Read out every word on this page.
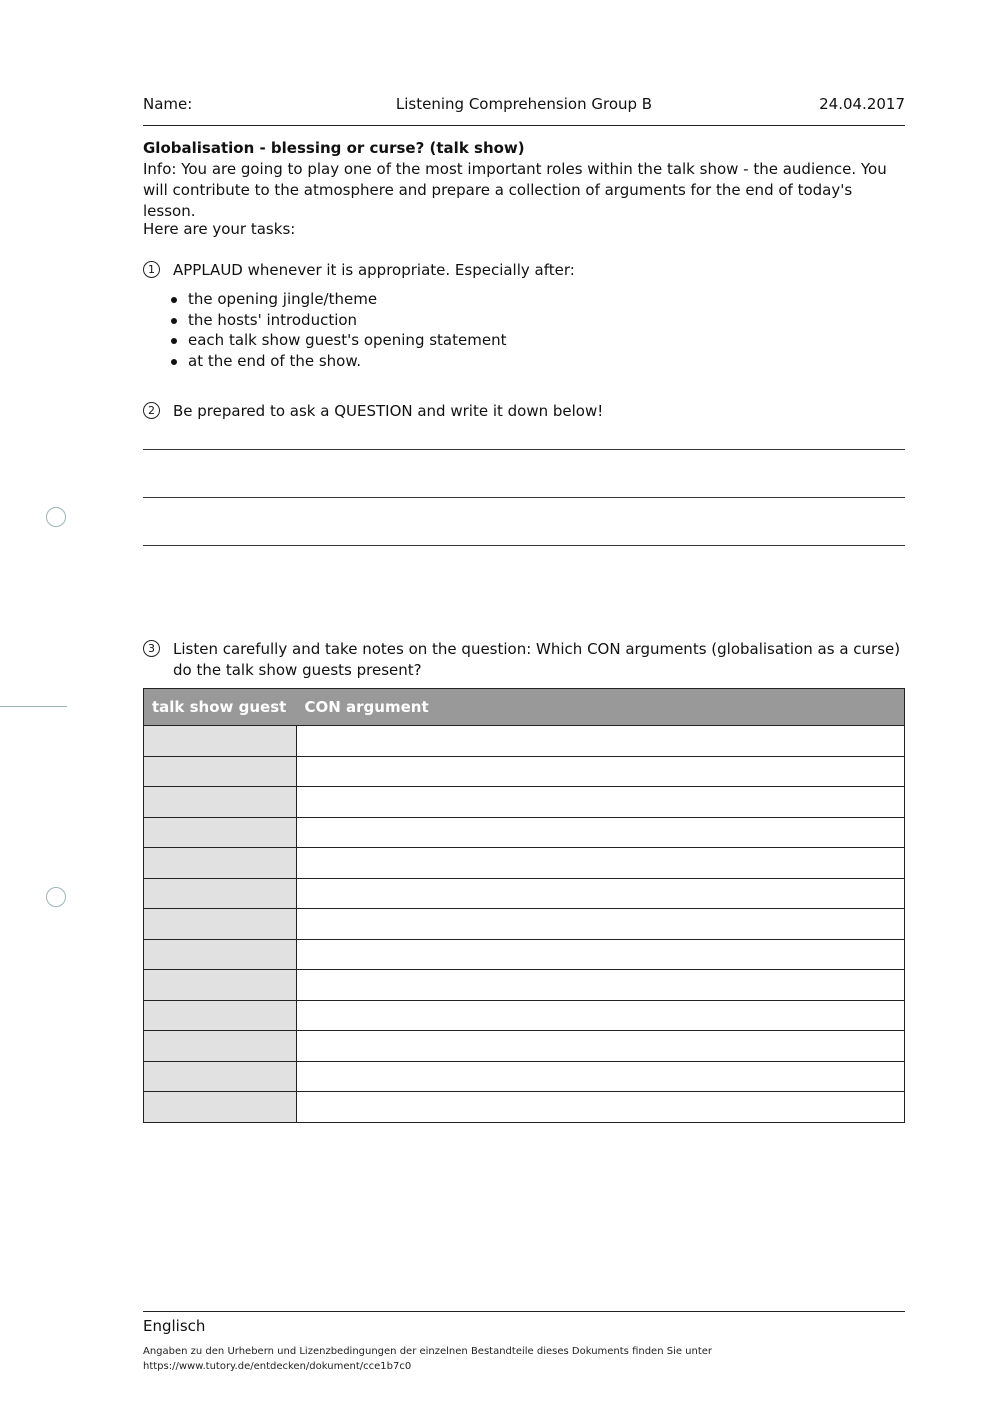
Name:	Listening Comprehension Group B	24.04.2017
Globalisation - blessing or curse? (talk show)
Info: You are going to play one of the most important roles within the talk show - the audience. You will contribute to the atmosphere and prepare a collection of arguments for the end of today's lesson.
Here are your tasks:
1	APPLAUD whenever it is appropriate. Especially after:
the opening jingle/theme
the hosts' introduction
each talk show guest's opening statement
at the end of the show.
2	Be prepared to ask a QUESTION and write it down below!
3	Listen carefully and take notes on the question: Which CON arguments (globalisation as a curse) do the talk show guests present?
talk show guest	CON argument

Englisch
Angaben zu den Urhebern und Lizenzbedingungen der einzelnen Bestandteile dieses Dokuments finden Sie unter
https://www.tutory.de/entdecken/dokument/cce1b7c0
